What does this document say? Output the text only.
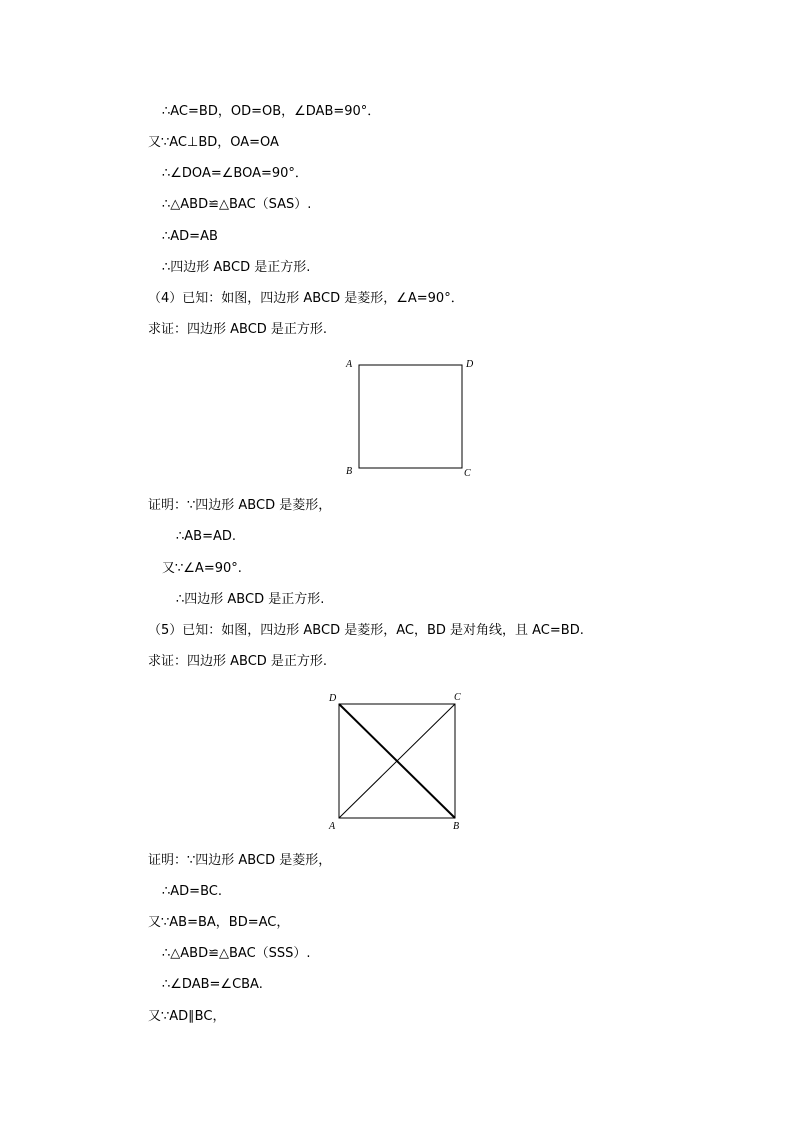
∴AC=BD，OD=OB，∠DAB=90°．
又∵AC⊥BD，OA=OA
∴∠DOA=∠BOA=90°．
∴△ABD≌△BAC（SAS）.
∴AD=AB
∴四边形 ABCD 是正方形.
（4）已知：如图，四边形 ABCD 是菱形，∠A=90°．
求证：四边形 ABCD 是正方形.
A	D
B	C
证明：∵四边形 ABCD 是菱形，
∴AB=AD.
又∵∠A=90°.
∴四边形 ABCD 是正方形.
（5）已知：如图，四边形 ABCD 是菱形，AC，BD 是对角线，且 AC=BD.
求证：四边形 ABCD 是正方形.
D	C
A	B
证明：∵四边形 ABCD 是菱形，
∴AD=BC.
又∵AB=BA，BD=AC，
∴△ABD≌△BAC（SSS）.
∴∠DAB=∠CBA.
又∵AD∥BC，
